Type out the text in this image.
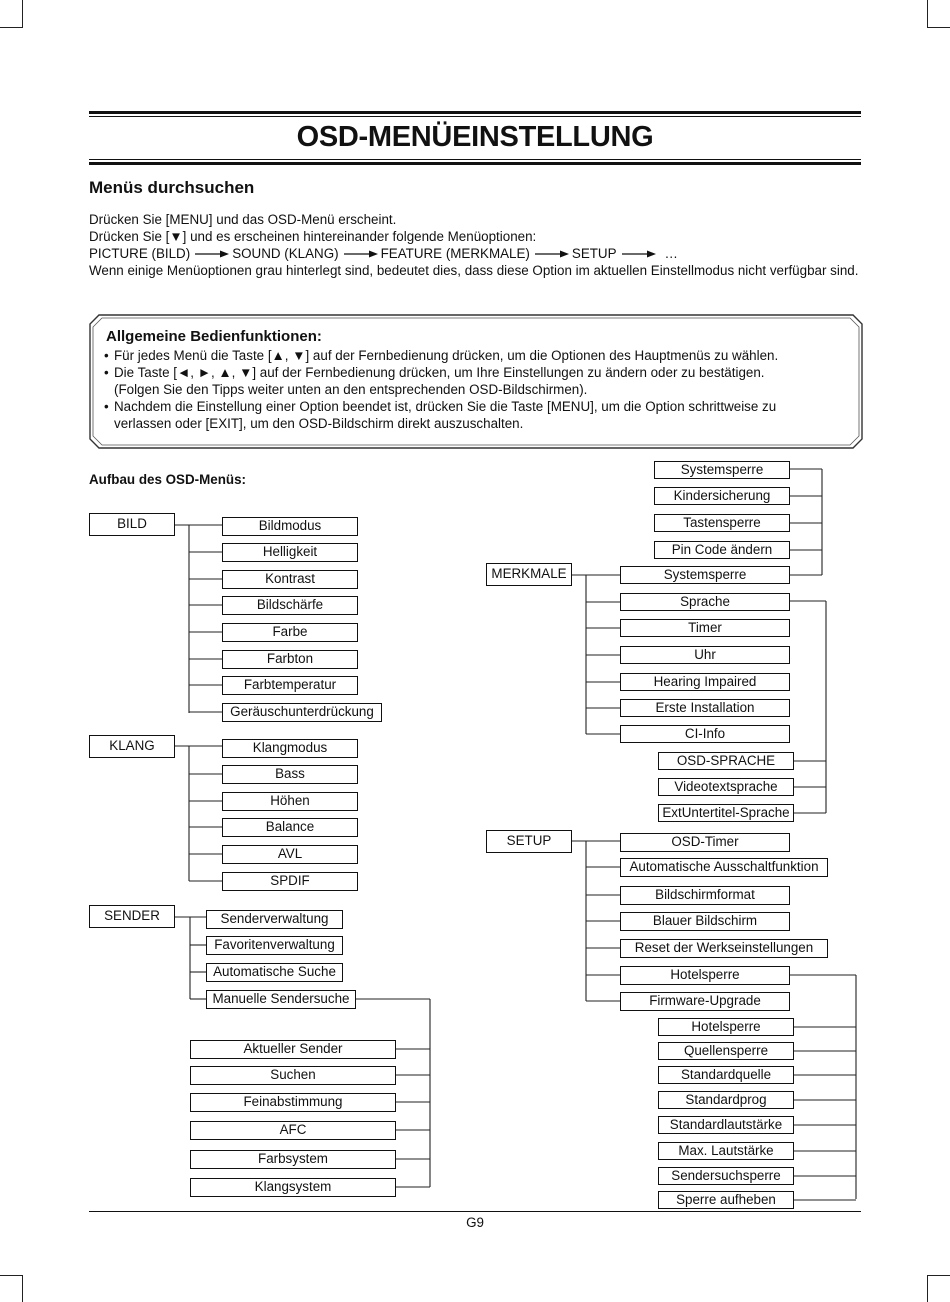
OSD-MENÜEINSTELLUNG
Menüs durchsuchen
Drücken Sie [MENU] und das OSD-Menü erscheint.
Drücken Sie [▼] und es erscheinen hintereinander folgende Menüoptionen:
PICTURE (BILD)	SOUND (KLANG)	FEATURE (MERKMALE)	SETUP	…
Wenn einige Menüoptionen grau hinterlegt sind, bedeutet dies, dass diese Option im aktuellen Einstellmodus nicht verfügbar sind.
Allgemeine Bedienfunktionen:
• Für jedes Menü die Taste [▲, ▼] auf der Fernbedienung drücken, um die Optionen des Hauptmenüs zu wählen.
• Die Taste [◄, ►, ▲, ▼] auf der Fernbedienung drücken, um Ihre Einstellungen zu ändern oder zu bestätigen.
(Folgen Sie den Tipps weiter unten an den entsprechenden OSD-Bildschirmen).
• Nachdem die Einstellung einer Option beendet ist, drücken Sie die Taste [MENU], um die Option schrittweise zu
verlassen oder [EXIT], um den OSD-Bildschirm direkt auszuschalten.
Aufbau des OSD-Menüs:
BILD
KLANG
SENDER
MERKMALE
SETUP
Bildmodus
Helligkeit
Kontrast
Bildschärfe
Farbe
Farbton
Farbtemperatur
Geräuschunterdrückung
Klangmodus
Bass
Höhen
Balance
AVL
SPDIF
Senderverwaltung
Favoritenverwaltung
Automatische Suche
Manuelle Sendersuche
Aktueller Sender
Suchen
Feinabstimmung
AFC
Farbsystem
Klangsystem
Systemsperre
Kindersicherung
Tastensperre
Pin Code ändern
Systemsperre
Sprache
Timer
Uhr
Hearing Impaired
Erste Installation
CI-Info
OSD-SPRACHE
Videotextsprache
ExtUntertitel-Sprache
OSD-Timer
Automatische Ausschaltfunktion
Bildschirmformat
Blauer Bildschirm
Reset der Werkseinstellungen
Hotelsperre
Firmware-Upgrade
Hotelsperre
Quellensperre
Standardquelle
Standardprog
Standardlautstärke
Max. Lautstärke
Sendersuchsperre
Sperre aufheben
G9
